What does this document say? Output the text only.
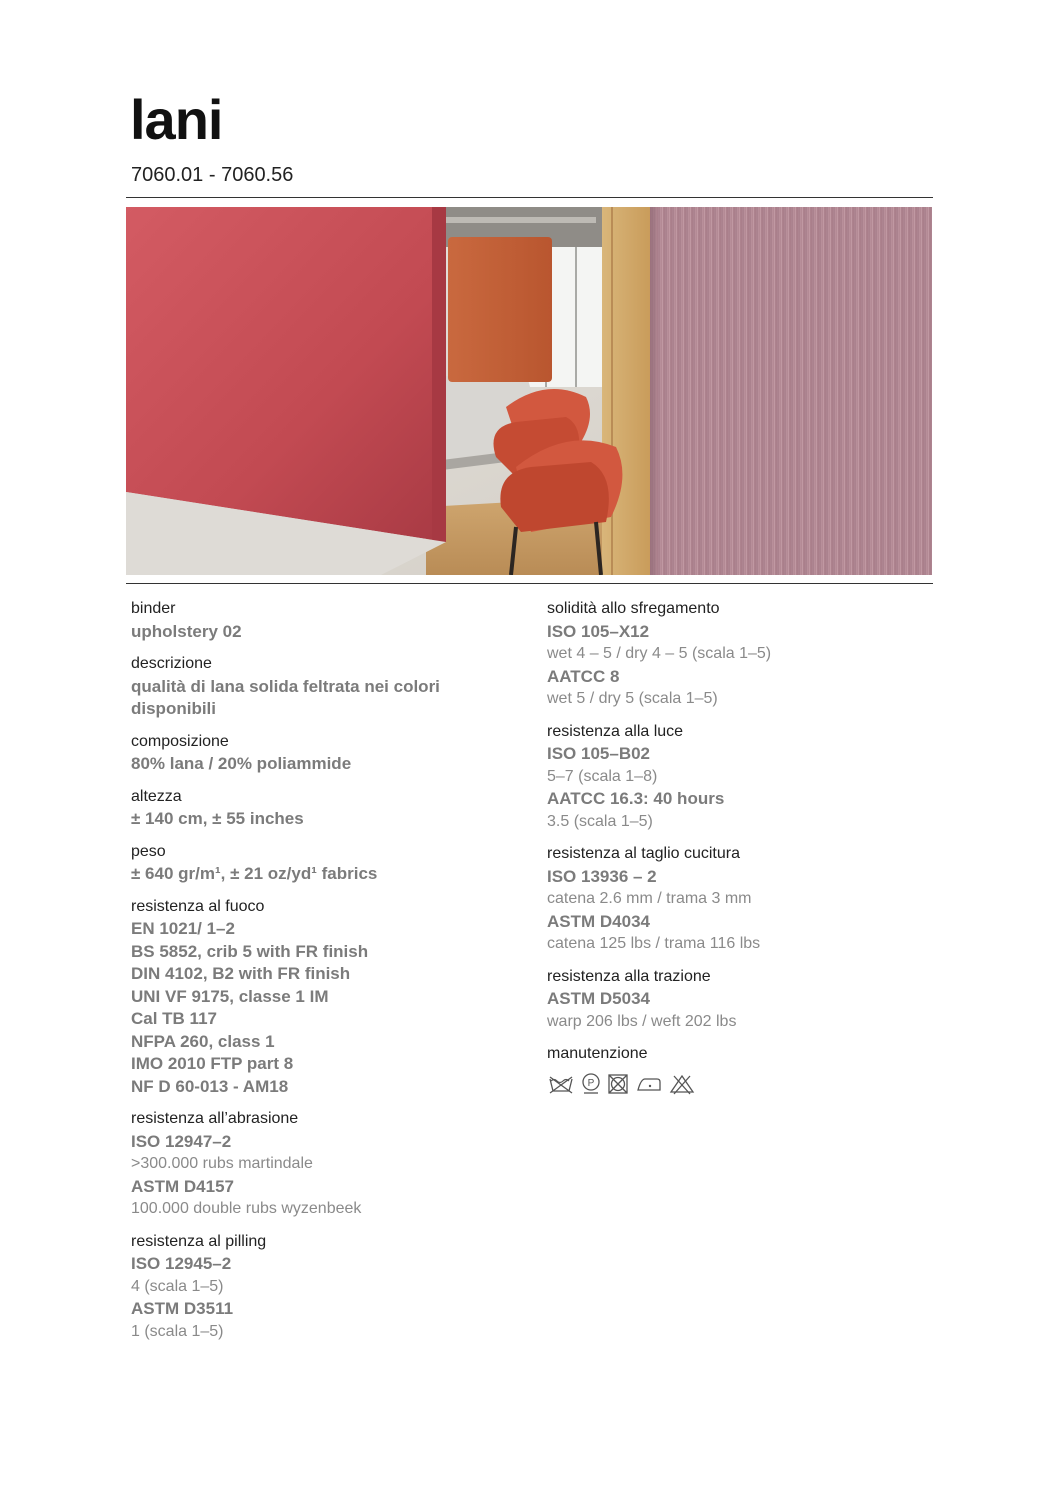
lani
7060.01 - 7060.56
binder
upholstery 02
descrizione
qualità di lana solida feltrata nei colori
disponibili
composizione
80% lana / 20% poliammide
altezza
± 140 cm, ± 55 inches
peso
± 640 gr/m¹, ± 21 oz/yd¹ fabrics
resistenza al fuoco
EN 1021/ 1–2
BS 5852, crib 5 with FR finish
DIN 4102, B2 with FR finish
UNI VF 9175, classe 1 IM
Cal TB 117
NFPA 260, class 1
IMO 2010 FTP part 8
NF D 60-013 - AM18
resistenza all’abrasione
ISO 12947–2
>300.000 rubs martindale
ASTM D4157
100.000 double rubs wyzenbeek
resistenza al pilling
ISO 12945–2
4 (scala 1–5)
ASTM D3511
1 (scala 1–5)
solidità allo sfregamento
ISO 105–X12
wet 4 – 5 / dry 4 – 5 (scala 1–5)
AATCC 8
wet 5 / dry 5 (scala 1–5)
resistenza alla luce
ISO 105–B02
5–7 (scala 1–8)
AATCC 16.3: 40 hours
3.5 (scala 1–5)
resistenza al taglio cucitura
ISO 13936 – 2
catena 2.6 mm / trama 3 mm
ASTM D4034
catena 125 lbs / trama 116 lbs
resistenza alla trazione
ASTM D5034
warp 206 lbs / weft 202 lbs
manutenzione
P
